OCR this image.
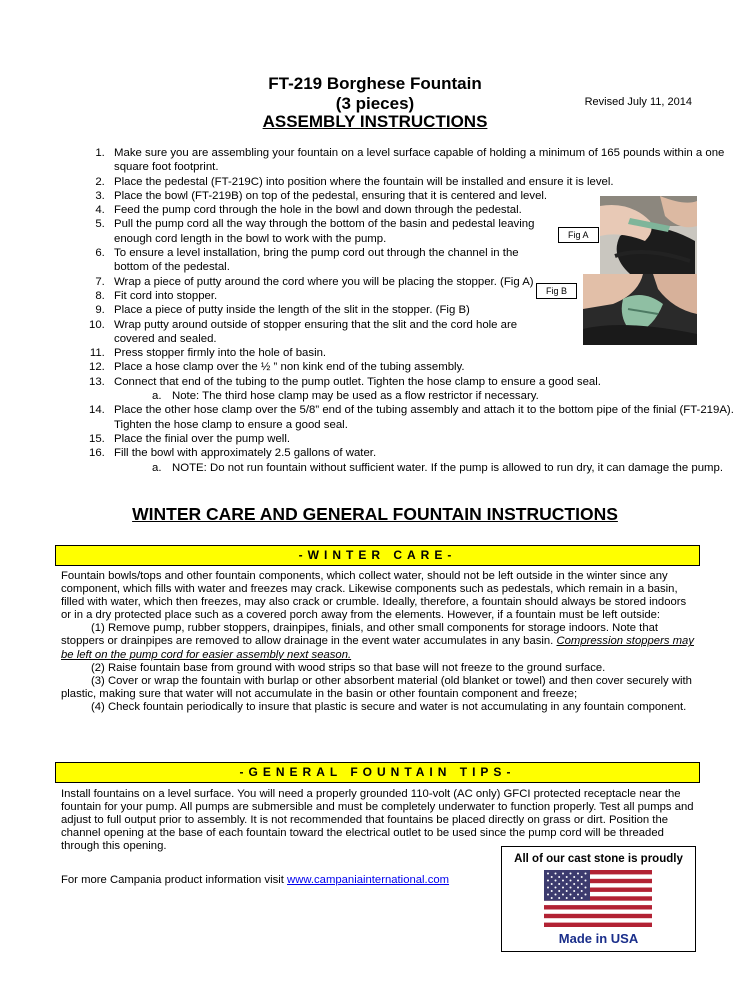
FT-219 Borghese Fountain
(3 pieces)
ASSEMBLY INSTRUCTIONS
Revised July 11, 2014
1. Make sure you are assembling your fountain on a level surface capable of holding a minimum of 165 pounds within a one square foot footprint.
2. Place the pedestal (FT-219C) into position where the fountain will be installed and ensure it is level.
3. Place the bowl (FT-219B) on top of the pedestal, ensuring that it is centered and level.
4. Feed the pump cord through the hole in the bowl and down through the pedestal.
5. Pull the pump cord all the way through the bottom of the basin and pedestal leaving enough cord length in the bowl to work with the pump.
6. To ensure a level installation, bring the pump cord out through the channel in the bottom of the pedestal.
7. Wrap a piece of putty around the cord where you will be placing the stopper. (Fig A)
8. Fit cord into stopper.
9. Place a piece of putty inside the length of the slit in the stopper. (Fig B)
10. Wrap putty around outside of stopper ensuring that the slit and the cord hole are covered and sealed.
11. Press stopper firmly into the hole of basin.
12. Place a hose clamp over the ½ ” non kink end of the tubing assembly.
13. Connect that end of the tubing to the pump outlet. Tighten the hose clamp to ensure a good seal.
a. Note: The third hose clamp may be used as a flow restrictor if necessary.
14. Place the other hose clamp over the 5/8” end of the tubing assembly and attach it to the bottom pipe of the finial (FT-219A). Tighten the hose clamp to ensure a good seal.
15. Place the finial over the pump well.
16. Fill the bowl with approximately 2.5 gallons of water.
a. NOTE: Do not run fountain without sufficient water. If the pump is allowed to run dry, it can damage the pump.
Fig A
Fig B
WINTER CARE AND GENERAL FOUNTAIN INSTRUCTIONS
-WINTER CARE-

Fountain bowls/tops and other fountain components, which collect water, should not be left outside in the winter since any component, which fills with water and freezes may crack. Likewise components such as pedestals, which remain in a basin, filled with water, which then freezes, may also crack or crumble. Ideally, therefore, a fountain should always be stored indoors or in a dry protected place such as a covered porch away from the elements. However, if a fountain must be left outside:

(1) Remove pump, rubber stoppers, drainpipes, finials, and other small components for storage indoors. Note that stoppers or drainpipes are removed to allow drainage in the event water accumulates in any basin. Compression stoppers may be left on the pump cord for easier assembly next season.

(2) Raise fountain base from ground with wood strips so that base will not freeze to the ground surface.

(3) Cover or wrap the fountain with burlap or other absorbent material (old blanket or towel) and then cover securely with plastic, making sure that water will not accumulate in the basin or other fountain component and freeze;

(4) Check fountain periodically to insure that plastic is secure and water is not accumulating in any fountain component.

-GENERAL FOUNTAIN TIPS-
Install fountains on a level surface. You will need a properly grounded 110-volt (AC only) GFCI protected receptacle near the fountain for your pump. All pumps are submersible and must be completely underwater to function properly. Test all pumps and adjust to full output prior to assembly. It is not recommended that fountains be placed directly on grass or dirt. Position the channel opening at the base of each fountain toward the electrical outlet to be used since the pump cord will be threaded through this opening.
For more Campania product information visit www.campaniainternational.com
All of our cast stone is proudly
Made in USA
